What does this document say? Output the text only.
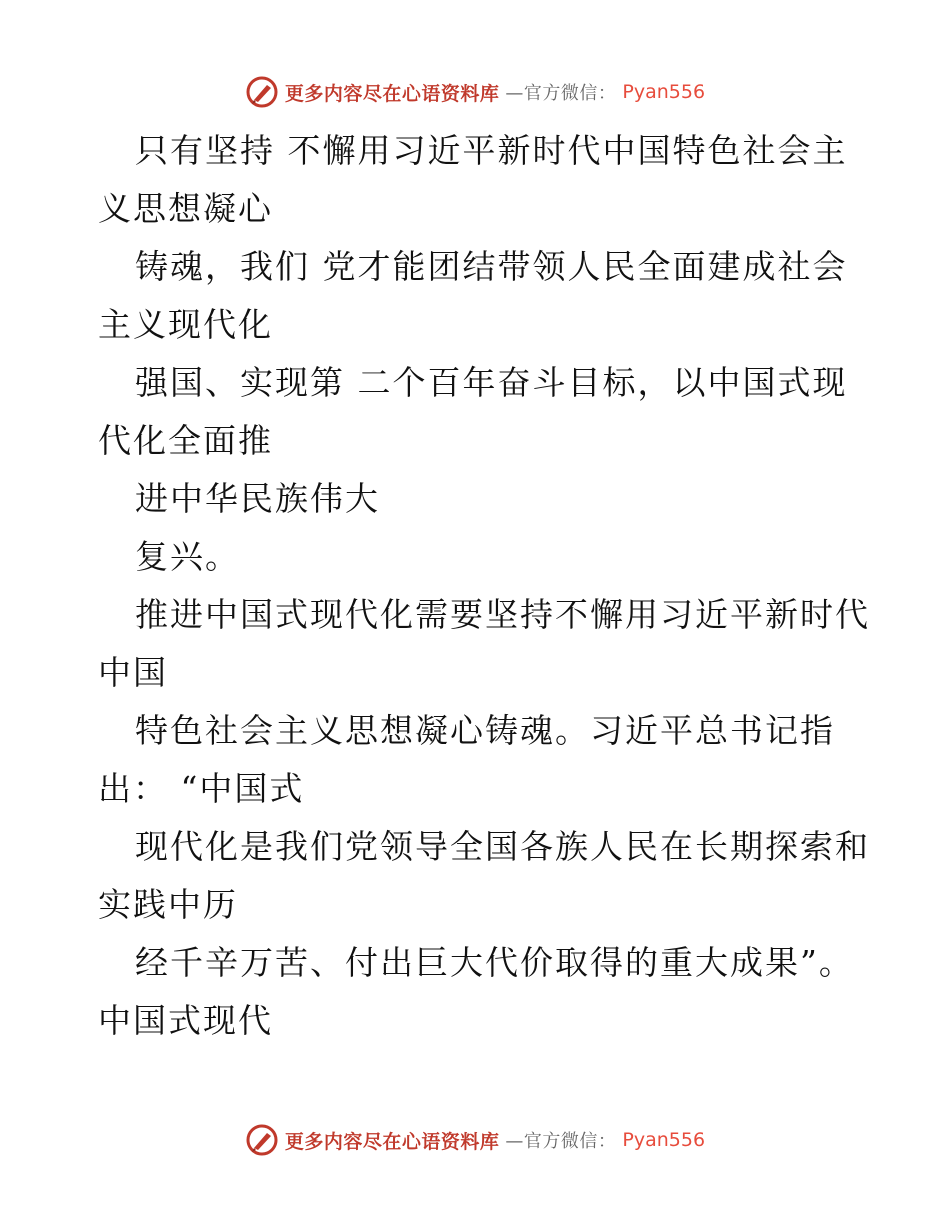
更多内容尽在心语资料库 —官方微信： Pyan556
只有坚持 不懈用习近平新时代中国特色社会主
义思想凝心
铸魂，我们 党才能团结带领人民全面建成社会
主义现代化
强国、实现第 二个百年奋斗目标，以中国式现
代化全面推
进中华民族伟大
复兴。
推进中国式现代化需要坚持不懈用习近平新时代
中国
特色社会主义思想凝心铸魂。习近平总书记指
出： “中国式
现代化是我们党领导全国各族人民在长期探索和
实践中历
经千辛万苦、付出巨大代价取得的重大成果”。
中国式现代
更多内容尽在心语资料库 —官方微信： Pyan556
